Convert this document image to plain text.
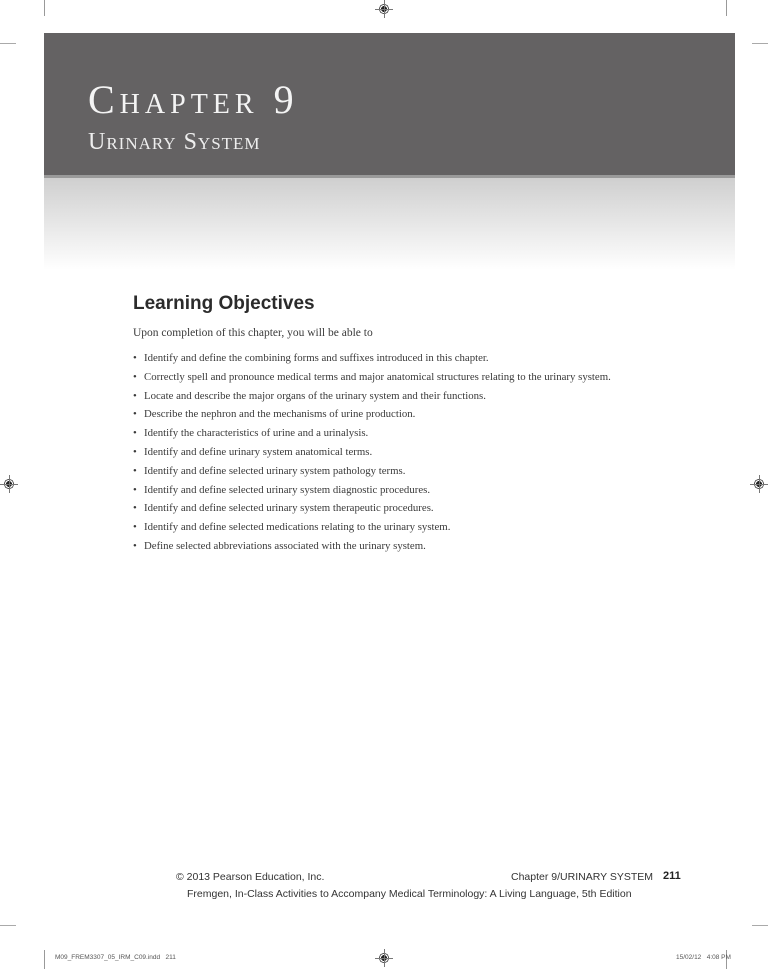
Chapter 9
Urinary System
Learning Objectives

Upon completion of this chapter, you will be able to

• Identify and define the combining forms and suffixes introduced in this chapter.
• Correctly spell and pronounce medical terms and major anatomical structures relating to the urinary system.
• Locate and describe the major organs of the urinary system and their functions.
• Describe the nephron and the mechanisms of urine production.
• Identify the characteristics of urine and a urinalysis.
• Identify and define urinary system anatomical terms.
• Identify and define selected urinary system pathology terms.
• Identify and define selected urinary system diagnostic procedures.
• Identify and define selected urinary system therapeutic procedures.
• Identify and define selected medications relating to the urinary system.
• Define selected abbreviations associated with the urinary system.
© 2013 Pearson Education, Inc.	Chapter 9/URINARY SYSTEM 211
Fremgen, In-Class Activities to Accompany Medical Terminology: A Living Language, 5th Edition
M09_FREM3307_05_IRM_C09.indd   211	15/02/12   4:08 PM
